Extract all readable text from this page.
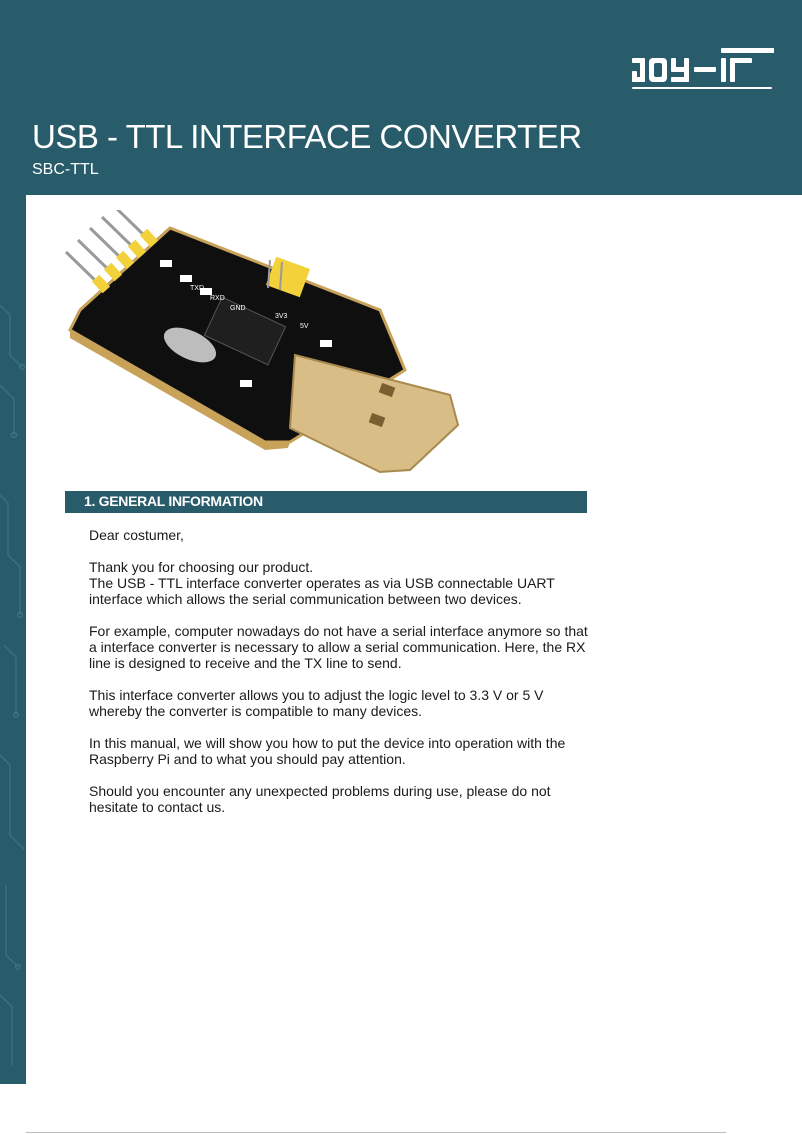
USB - TTL INTERFACE CONVERTER

SBC-TTL

TXD
RXD
GND
3V3
5V
1. GENERAL INFORMATION

Dear costumer,

Thank you for choosing our product.
The USB - TTL interface converter operates as via USB connectable UART interface which allows the serial communication between two devices.

For example, computer nowadays do not have a serial interface anymore so that a interface converter is necessary to allow a serial communication. Here, the RX line is designed to receive and the TX line to send.

This interface converter allows you to adjust the logic level to 3.3 V or 5 V whereby the converter is compatible to many devices.

In this manual, we will show you how to put the device into operation with the Raspberry Pi and to what you should pay attention.

Should you encounter any unexpected problems during use, please do not hesitate to contact us.
